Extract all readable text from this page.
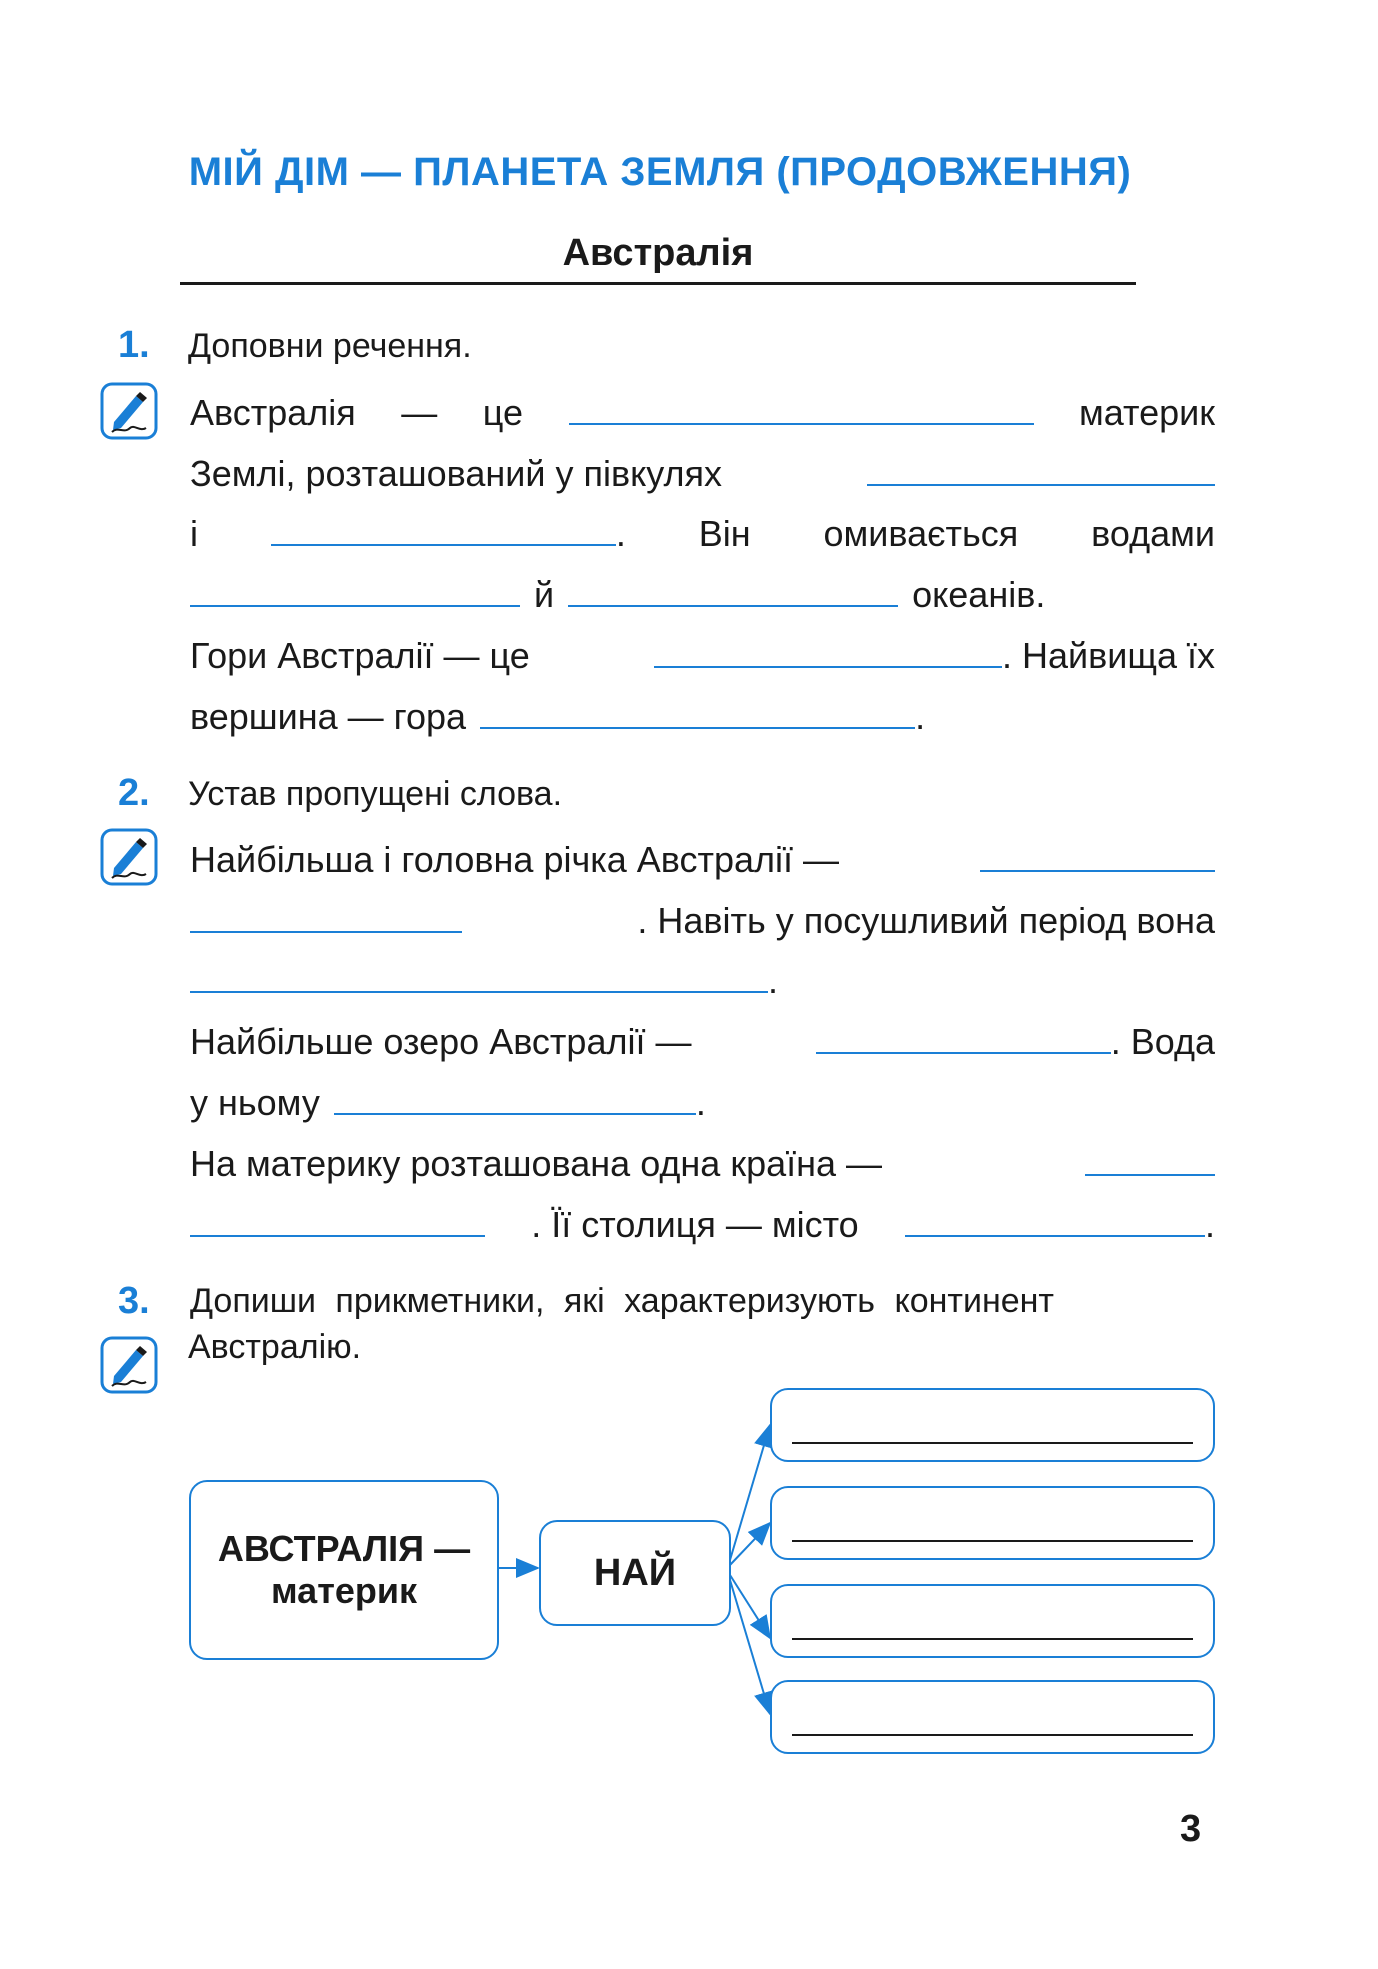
МІЙ ДІМ — ПЛАНЕТА ЗЕМЛЯ (ПРОДОВЖЕННЯ)
Австралія
1. Доповни речення.
Австралія — це	материк
Землі, розташований у півкулях
і	. Він омивається водами
й	океанів.
Гори Австралії — це	. Найвища їх
вершина — гора	.
2. Устав пропущені слова.
Найбільша і головна річка Австралії —
. Навіть у посушливий період вона
.
Найбільше озеро Австралії —	. Вода
у ньому	.
На материку розташована одна країна —
. Її столиця — місто	.
3. Допиши прикметники, які характеризують континент
Австралію.
АВСТРАЛІЯ —
материк	НАЙ
3
